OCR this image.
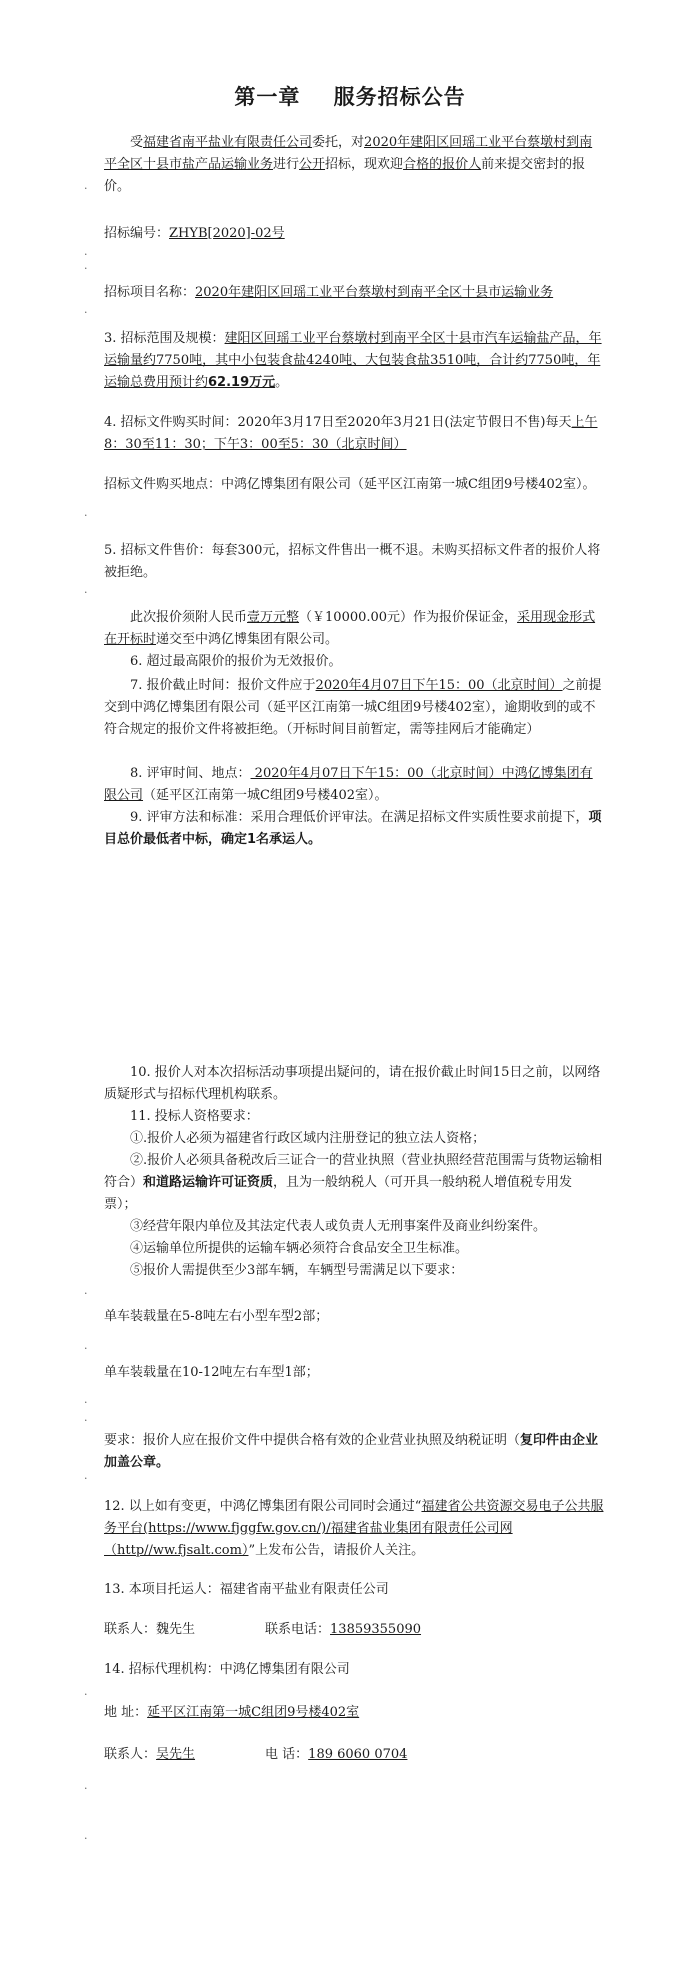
第一章    服务招标公告
受福建省南平盐业有限责任公司委托，对2020年建阳区回瑶工业平台蔡墩村到南平全区十县市盐产品运输业务进行公开招标，现欢迎合格的报价人前来提交密封的报价。
招标编号：ZHYB[2020]-02号
招标项目名称：2020年建阳区回瑶工业平台蔡墩村到南平全区十县市运输业务
3. 招标范围及规模：建阳区回瑶工业平台蔡墩村到南平全区十县市汽车运输盐产品，年运输量约7750吨，其中小包装食盐4240吨、大包装食盐3510吨，合计约7750吨，年运输总费用预计约62.19万元。
4. 招标文件购买时间：2020年3月17日至2020年3月21日(法定节假日不售)每天上午8：30至11：30；下午3：00至5：30（北京时间）
招标文件购买地点：中鸿亿博集团有限公司（延平区江南第一城C组团9号楼402室）。
5. 招标文件售价：每套300元，招标文件售出一概不退。未购买招标文件者的报价人将被拒绝。
此次报价须附人民币壹万元整（￥10000.00元）作为报价保证金，采用现金形式在开标时递交至中鸿亿博集团有限公司。
6. 超过最高限价的报价为无效报价。
7. 报价截止时间：报价文件应于2020年4月07日下午15：00（北京时间）之前提交到中鸿亿博集团有限公司（延平区江南第一城C组团9号楼402室），逾期收到的或不符合规定的报价文件将被拒绝。（开标时间目前暂定，需等挂网后才能确定）
8. 评审时间、地点： 2020年4月07日下午15：00（北京时间）中鸿亿博集团有限公司（延平区江南第一城C组团9号楼402室）。
9. 评审方法和标准：采用合理低价评审法。在满足招标文件实质性要求前提下，项目总价最低者中标，确定1名承运人。
10. 报价人对本次招标活动事项提出疑问的，请在报价截止时间15日之前，以网络质疑形式与招标代理机构联系。
11. 投标人资格要求：
①.报价人必须为福建省行政区域内注册登记的独立法人资格；
②.报价人必须具备税改后三证合一的营业执照（营业执照经营范围需与货物运输相符合）和道路运输许可证资质，且为一般纳税人（可开具一般纳税人增值税专用发票）；
③经营年限内单位及其法定代表人或负责人无刑事案件及商业纠纷案件。
④运输单位所提供的运输车辆必须符合食品安全卫生标准。
⑤报价人需提供至少3部车辆，车辆型号需满足以下要求：
单车装载量在5-8吨左右小型车型2部；
单车装载量在10-12吨左右车型1部；
要求：报价人应在报价文件中提供合格有效的企业营业执照及纳税证明（复印件由企业加盖公章。
12. 以上如有变更，中鸿亿博集团有限公司同时会通过“福建省公共资源交易电子公共服务平台(https://www.fjggfw.gov.cn/)/福建省盐业集团有限责任公司网（http//ww.fjsalt.com）”上发布公告，请报价人关注。
13. 本项目托运人：福建省南平盐业有限责任公司
联系人：魏先生	联系电话：13859355090
14. 招标代理机构：中鸿亿博集团有限公司
地 址：延平区江南第一城C组团9号楼402室
联系人：吴先生	电 话：189 6060 0704
·
·
·
·
·
·
·
·
·
·
·
·
·
·
